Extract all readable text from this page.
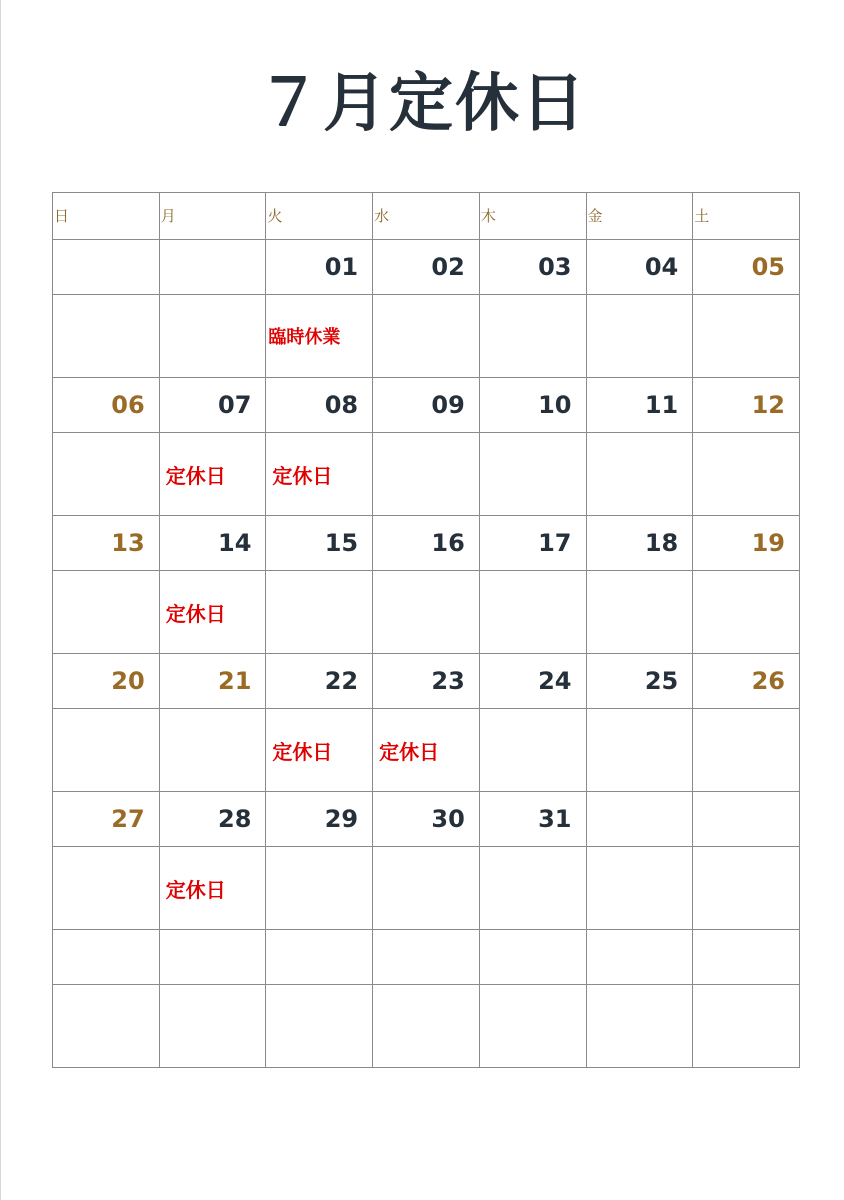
７月定休日
日	月	火	水	木	金	土

		01	02	03	04	05

		臨時休業				

06	07	08	09	10	11	12

	定休日	定休日				

13	14	15	16	17	18	19

	定休日					

20	21	22	23	24	25	26

		定休日	定休日			

27	28	29	30	31		

	定休日					
